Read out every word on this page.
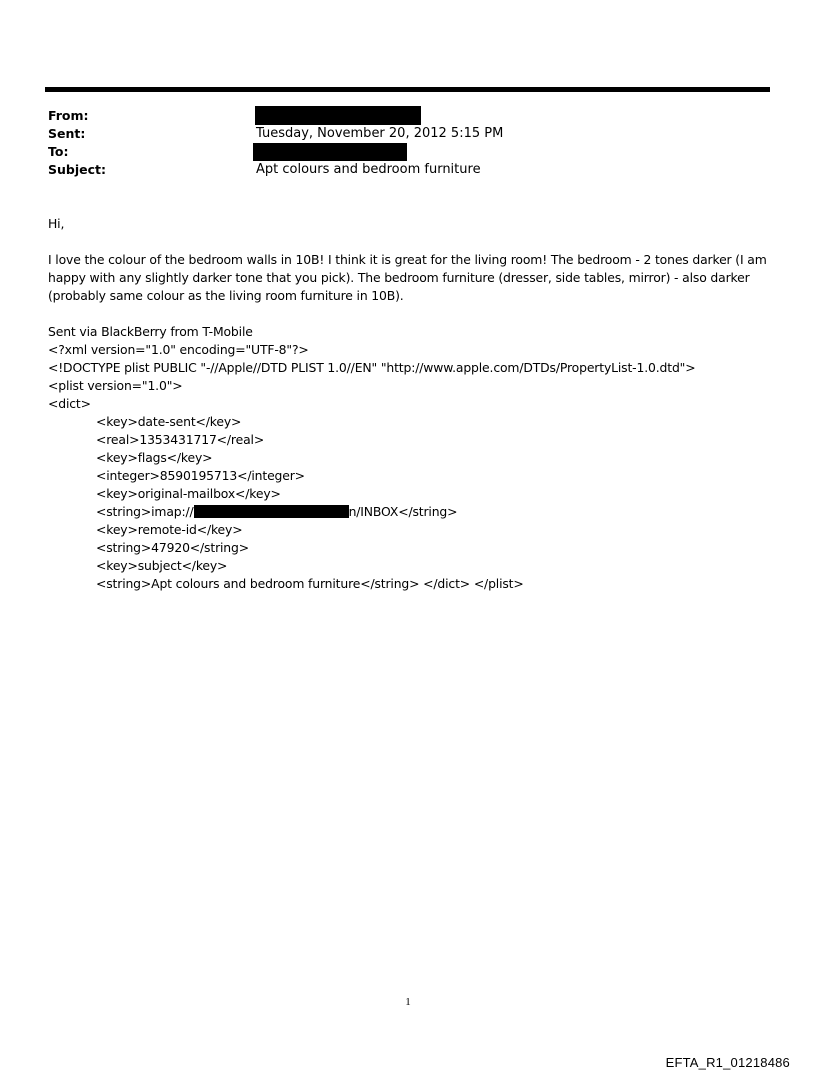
From:
Sent:	Tuesday, November 20, 2012 5:15 PM
To:
Subject:	Apt colours and bedroom furniture
Hi,
I love the colour of the bedroom walls in 10B! I think it is great for the living room! The bedroom - 2 tones darker (I am
happy with any slightly darker tone that you pick). The bedroom furniture (dresser, side tables, mirror) - also darker
(probably same colour as the living room furniture in 10B).
Sent via BlackBerry from T-Mobile
<?xml version="1.0" encoding="UTF-8"?>
<!DOCTYPE plist PUBLIC "-//Apple//DTD PLIST 1.0//EN" "http://www.apple.com/DTDs/PropertyList-1.0.dtd">
<plist version="1.0">
<dict>
<key>date-sent</key>
<real>1353431717</real>
<key>flags</key>
<integer>8590195713</integer>
<key>original-mailbox</key>
<string>imap://	n/INBOX</string>
<key>remote-id</key>
<string>47920</string>
<key>subject</key>
<string>Apt colours and bedroom furniture</string> </dict> </plist>
1
EFTA_R1_01218486
